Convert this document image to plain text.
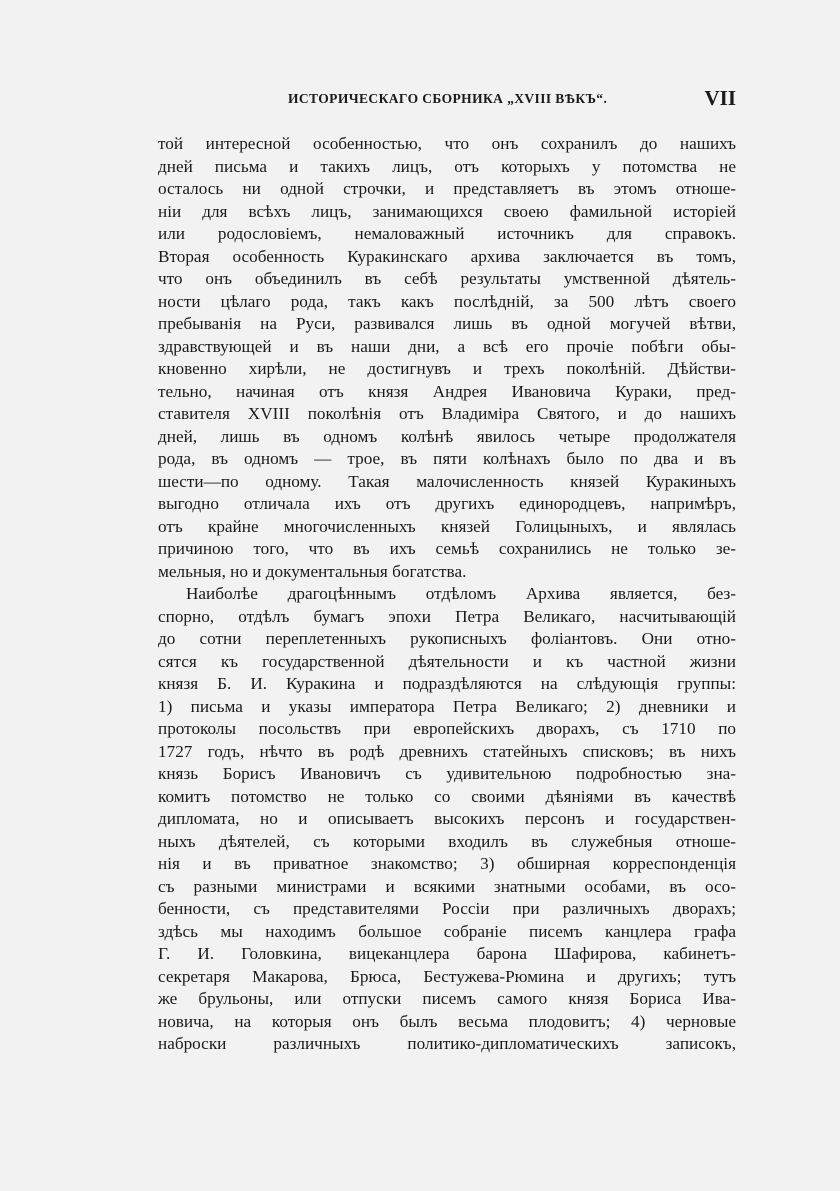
ИСТОРИЧЕСКАГО СБОРНИКА „XVIII ВѢКЪ“.	VII
той интересной особенностью, что онъ сохранилъ до нашихъ
дней письма и такихъ лицъ, отъ которыхъ у потомства не
осталось ни одной строчки, и представляетъ въ этомъ отноше-
нiи для всѣхъ лицъ, занимающихся своею фамильной исторiей
или родословiемъ, немаловажный источникъ для справокъ.
Вторая особенность Куракинскаго архива заключается въ томъ,
что онъ объединилъ въ себѣ результаты умственной дѣятель-
ности цѣлаго рода, такъ какъ послѣднiй, за 500 лѣтъ своего
пребыванiя на Руси, развивался лишь въ одной могучей вѣтви,
здравствующей и въ наши дни, а всѣ его прочiе побѣги обы-
кновенно хирѣли, не достигнувъ и трехъ поколѣнiй. Дѣйстви-
тельно, начиная отъ князя Андрея Ивановича Кураки, пред-
ставителя XVIII поколѣнiя отъ Владимiра Святого, и до нашихъ
дней, лишь въ одномъ колѣнѣ явилось четыре продолжателя
рода, въ одномъ — трое, въ пяти колѣнахъ было по два и въ
шести—по одному. Такая малочисленность князей Куракиныхъ
выгодно отличала ихъ отъ другихъ единородцевъ, напримѣръ,
отъ крайне многочисленныхъ князей Голицыныхъ, и являлась
причиною того, что въ ихъ семьѣ сохранились не только зе-
мельныя, но и документальныя богатства.
Наиболѣе драгоцѣннымъ отдѣломъ Архива является, без-
спорно, отдѣлъ бумагъ эпохи Петра Великаго, насчитывающiй
до сотни переплетенныхъ рукописныхъ фолiантовъ. Они отно-
сятся къ государственной дѣятельности и къ частной жизни
князя Б. И. Куракина и подраздѣляются на слѣдующiя группы:
1) письма и указы императора Петра Великаго; 2) дневники и
протоколы посольствъ при европейскихъ дворахъ, съ 1710 по
1727 годъ, нѣчто въ родѣ древнихъ статейныхъ списковъ; въ нихъ
князь Борисъ Ивановичъ съ удивительною подробностью зна-
комитъ потомство не только со своими дѣянiями въ качествѣ
дипломата, но и описываетъ высокихъ персонъ и государствен-
ныхъ дѣятелей, съ которыми входилъ въ служебныя отноше-
нiя и въ приватное знакомство; 3) обширная корреспонденцiя
съ разными министрами и всякими знатными особами, въ осо-
бенности, съ представителями Россiи при различныхъ дворахъ;
здѣсь мы находимъ большое собранiе писемъ канцлера графа
Г. И. Головкина, вицеканцлера барона Шафирова, кабинетъ-
секретаря Макарова, Брюса, Бестужева-Рюмина и другихъ; тутъ
же брульоны, или отпуски писемъ самого князя Бориса Ива-
новича, на которыя онъ былъ весьма плодовитъ; 4) черновые
наброски различныхъ политико-дипломатическихъ записокъ,
